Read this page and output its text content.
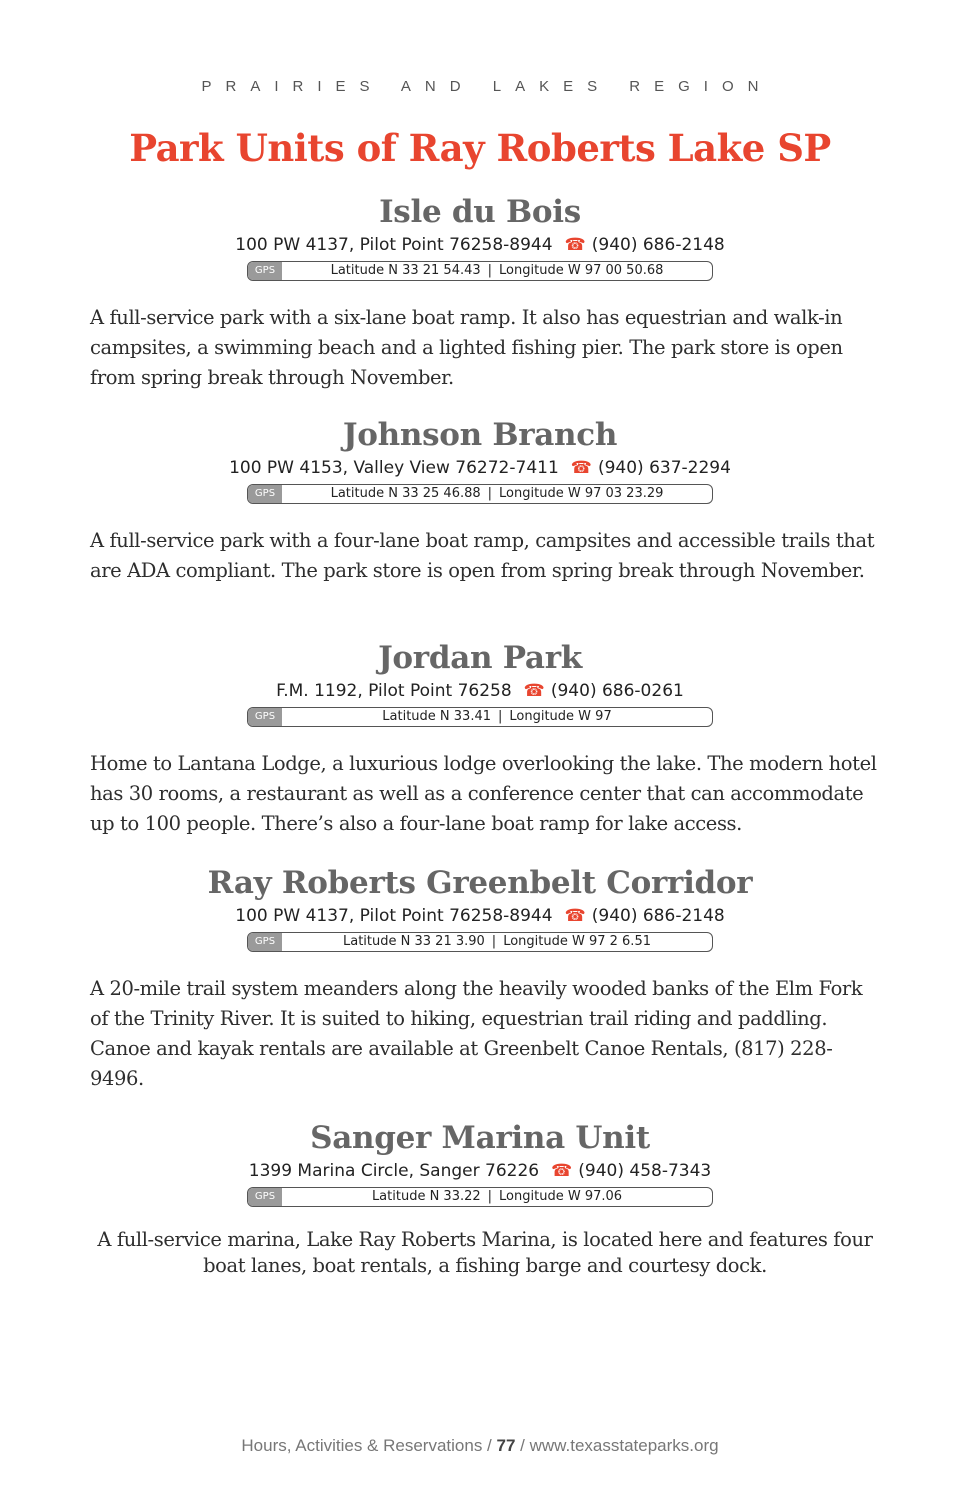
PRAIRIES AND LAKES REGION
Park Units of Ray Roberts Lake SP
Isle du Bois
100 PW 4137, Pilot Point 76258-8944 ☎ (940) 686-2148
GPS	Latitude N 33 21 54.43 | Longitude W 97 00 50.68
A full-service park with a six-lane boat ramp. It also has equestrian and walk-in campsites, a swimming beach and a lighted fishing pier. The park store is open from spring break through November.
Johnson Branch
100 PW 4153, Valley View 76272-7411 ☎ (940) 637-2294
GPS	Latitude N 33 25 46.88 | Longitude W 97 03 23.29
A full-service park with a four-lane boat ramp, campsites and accessible trails that are ADA compliant. The park store is open from spring break through November.
Jordan Park
F.M. 1192, Pilot Point 76258 ☎ (940) 686-0261
GPS	Latitude N 33.41 | Longitude W 97
Home to Lantana Lodge, a luxurious lodge overlooking the lake. The modern hotel has 30 rooms, a restaurant as well as a conference center that can accommodate up to 100 people. There’s also a four-lane boat ramp for lake access.
Ray Roberts Greenbelt Corridor
100 PW 4137, Pilot Point 76258-8944 ☎ (940) 686-2148
GPS	Latitude N 33 21 3.90 | Longitude W 97 2 6.51
A 20-mile trail system meanders along the heavily wooded banks of the Elm Fork of the Trinity River. It is suited to hiking, equestrian trail riding and paddling. Canoe and kayak rentals are available at Greenbelt Canoe Rentals, (817) 228-9496.
Sanger Marina Unit
1399 Marina Circle, Sanger 76226 ☎ (940) 458-7343
GPS	Latitude N 33.22 | Longitude W 97.06
A full-service marina, Lake Ray Roberts Marina, is located here and features four boat lanes, boat rentals, a fishing barge and courtesy dock.
Hours, Activities & Reservations / 77 / www.texasstateparks.org
